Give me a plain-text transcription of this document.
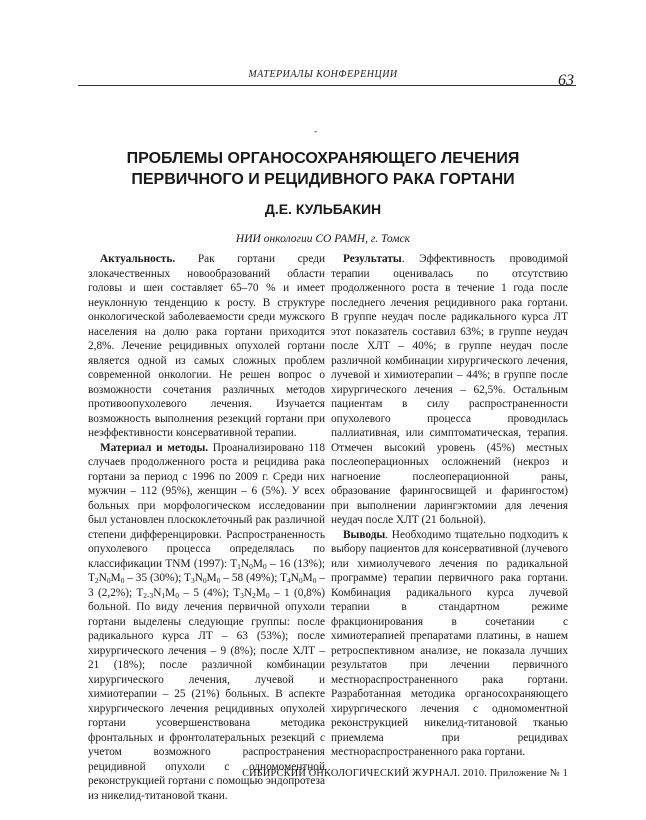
МАТЕРИАЛЫ КОНФЕРЕНЦИИ	63
-
ПРОБЛЕМЫ ОРГАНОСОХРАНЯЮЩЕГО ЛЕЧЕНИЯ
ПЕРВИЧНОГО И РЕЦИДИВНОГО РАКА ГОРТАНИ
Д.Е. КУЛЬБАКИН
НИИ онкологии СО РАМН, г. Томск

Актуальность. Рак гортани среди злокачественных новообразований области головы и шеи составляет 65–70 % и имеет неуклонную тенденцию к росту. В структуре онкологической заболеваемости среди мужского населения на долю рака гортани приходится 2,8%. Лечение рецидивных опухолей гортани является одной из самых сложных проблем современной онкологии. Не решен вопрос о возможности сочетания различных методов противоопухолевого лечения. Изучается возможность выполнения резекций гортани при неэффективности консервативной терапии.

Материал и методы. Проанализировано 118 случаев продолженного роста и рецидива рака гортани за период с 1996 по 2009 г. Среди них мужчин – 112 (95%), женщин – 6 (5%). У всех больных при морфологическом исследовании был установлен плоскоклеточный рак различной степени дифференцировки. Распространенность опухолевого процесса определялась по классификации TNM (1997): $T_1N_0M_0 - 16$ (13%); $T_2N_0M_0 - 35$ (30%); $T_3N_0M_0 - 58$ (49%); $T_4N_0M_0 - 3$ (2,2%); $T_{2-3}N_1M_0 - 5$ (4%); $T_3N_2M_0 - 1$ (0,8%) больной. По виду лечения первичной опухоли гортани выделены следующие группы: после радикального курса ЛТ – 63 (53%); после хирургического лечения – 9 (8%); после ХЛТ – 21 (18%); после различной комбинации хирургического лечения, лучевой и химиотерапии – 25 (21%) больных. В аспекте хирургического лечения рецидивных опухолей гортани усовершенствована методика фронтальных и фронтолатеральных резекций с учетом возможного распространения рецидивной опухоли с одномоментной реконструкцией гортани с помощью эндопротеза из никелид-титановой ткани.

Результаты. Эффективность проводимой терапии оценивалась по отсутствию продолженного роста в течение 1 года после последнего лечения рецидивного рака гортани. В группе неудач после радикального курса ЛТ этот показатель составил 63%; в группе неудач после ХЛТ – 40%; в группе неудач после различной комбинации хирургического лечения, лучевой и химиотерапии – 44%; в группе после хирургического лечения – 62,5%. Остальным пациентам в силу распространенности опухолевого процесса проводилась паллиативная, или симптоматическая, терапия. Отмечен высокий уровень (45%) местных послеоперационных осложнений (некроз и нагноение послеоперационной раны, образование фарингосвищей и фарингостом) при выполнении ларингэктомии для лечения неудач после ХЛТ (21 больной).

Выводы. Необходимо тщательно подходить к выбору пациентов для консервативной (лучевого или химиолучевого лечения по радикальной программе) терапии первичного рака гортани. Комбинация радикального курса лучевой терапии в стандартном режиме фракционирования в сочетании с химиотерапией препаратами платины, в нашем ретроспективном анализе, не показала лучших результатов при лечении первичного местнораспространенного рака гортани. Разработанная методика органосохраняющего хирургического лечения с одномоментной реконструкцией никелид-титановой тканью приемлема при рецидивах местнораспространенного рака гортани.

СИБИРСКИЙ ОНКОЛОГИЧЕСКИЙ ЖУРНАЛ. 2010. Приложение № 1
